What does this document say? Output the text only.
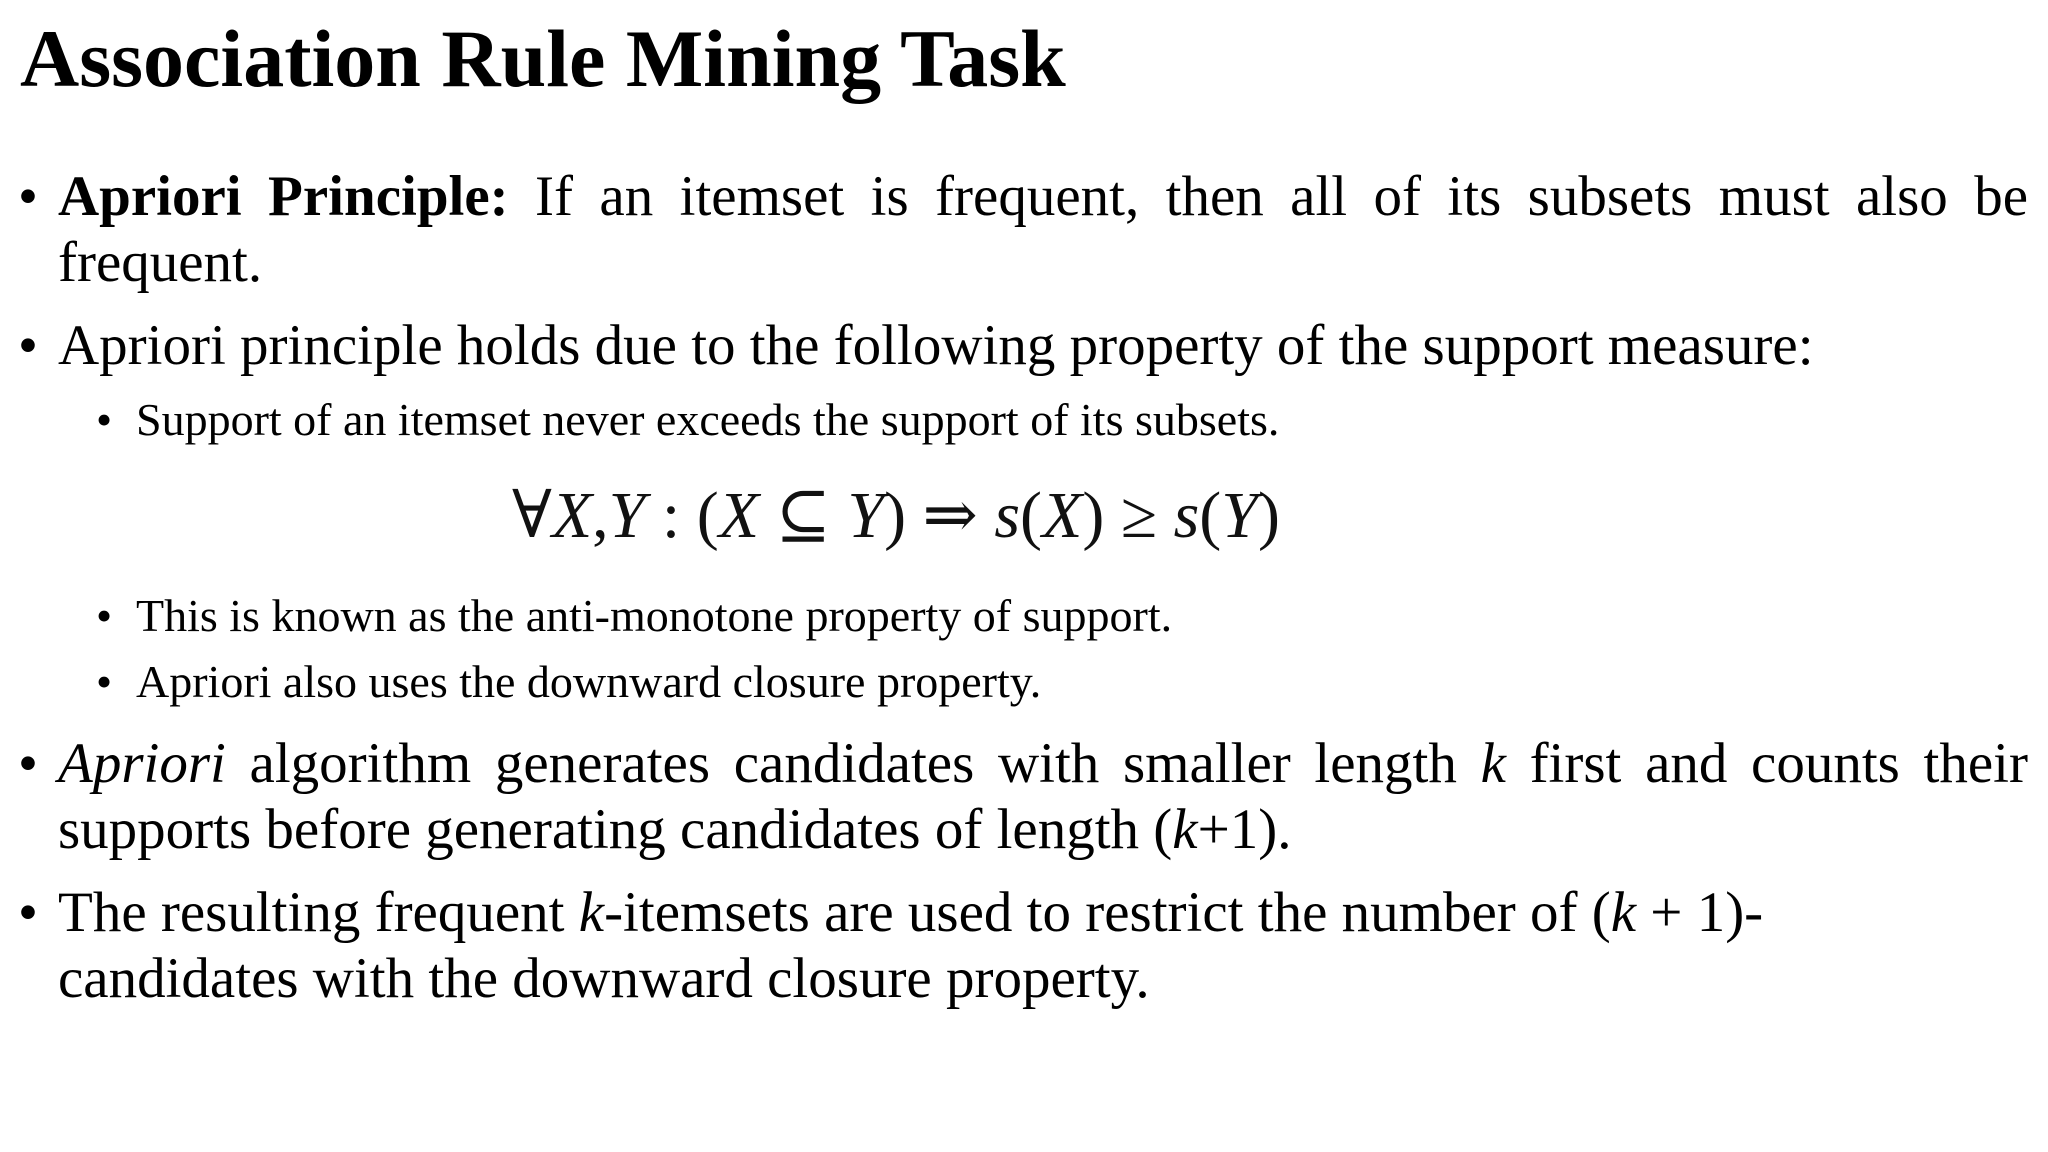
Association Rule Mining Task
• Apriori Principle: If an itemset is frequent, then all of its subsets must also be frequent.
• Apriori principle holds due to the following property of the support measure:
• Support of an itemset never exceeds the support of its subsets.
∀X,Y : (X ⊆ Y) ⇒ s(X) ≥ s(Y)
• This is known as the anti-monotone property of support.
• Apriori also uses the downward closure property.
• Apriori algorithm generates candidates with smaller length k first and counts their supports before generating candidates of length (k+1).
• The resulting frequent k-itemsets are used to restrict the number of (k + 1)-candidates with the downward closure property.
